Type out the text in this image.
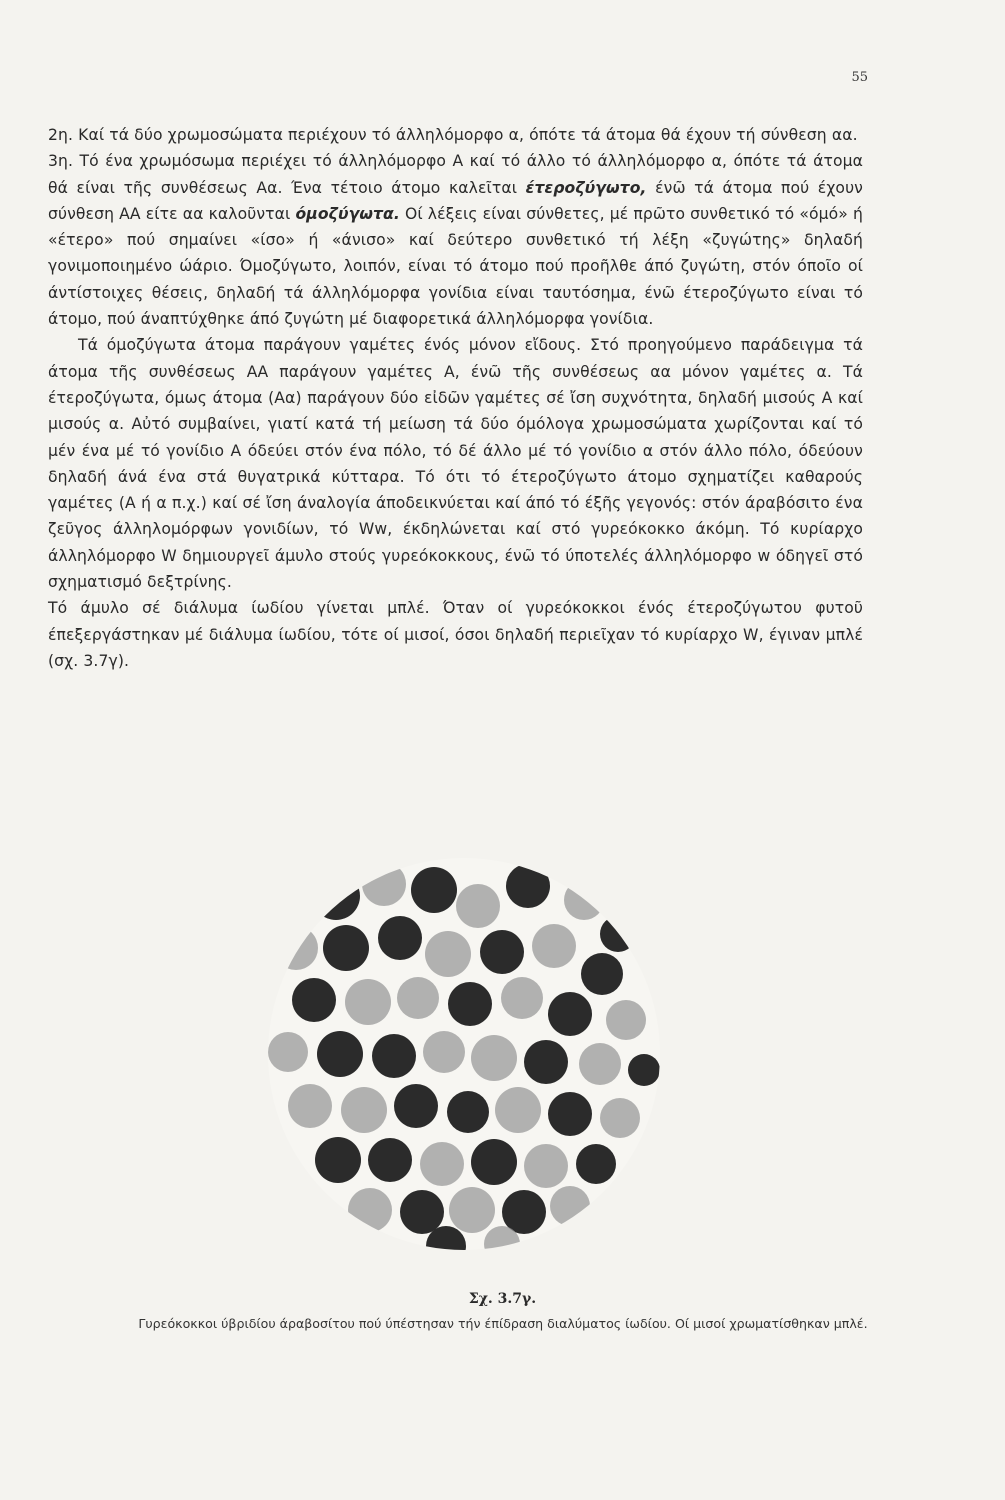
55

2η. Καί τά δύο χρωμοσώματα περιέχουν τό άλληλόμορφο α, όπότε τά άτομα θά έχουν τή σύνθεση αα.

3η. Τό ένα χρωμόσωμα περιέχει τό άλληλόμορφο Α καί τό άλλο τό άλληλόμορφο α, όπότε τά άτομα θά είναι τῆς συνθέσεως Αα. Ένα τέτοιο άτομο καλεῖται έτεροζύγωτο, ένῶ τά άτομα πού έχουν σύνθεση ΑΑ είτε αα καλοῦνται όμοζύγωτα. Οί λέξεις είναι σύνθετες, μέ πρῶτο συνθετικό τό «όμό» ή «έτερο» πού σημαίνει «ίσο» ή «άνισο» καί δεύτερο συνθετικό τή λέξη «ζυγώτης» δηλαδή γονιμοποιημένο ώάριο. Όμοζύγωτο, λοιπόν, είναι τό άτομο πού προῆλθε άπό ζυγώτη, στόν όποῖο οί άντίστοιχες θέσεις, δηλαδή τά άλληλόμορφα γονίδια είναι ταυτόσημα, ένῶ έτεροζύγωτο είναι τό άτομο, πού άναπτύχθηκε άπό ζυγώτη μέ διαφορετικά άλληλόμορφα γονίδια.

Τά όμοζύγωτα άτομα παράγουν γαμέτες ένός μόνον εἴδους. Στό προηγούμενο παράδειγμα τά άτομα τῆς συνθέσεως ΑΑ παράγουν γαμέτες Α, ένῶ τῆς συνθέσεως αα μόνον γαμέτες α. Τά έτεροζύγωτα, όμως άτομα (Αα) παράγουν δύο εἰδῶν γαμέτες σέ ἴση συχνότητα, δηλαδή μισούς Α καί μισούς α. Αὐτό συμβαίνει, γιατί κατά τή μείωση τά δύο όμόλογα χρωμοσώματα χωρίζονται καί τό μέν ένα μέ τό γονίδιο Α όδεύει στόν ένα πόλο, τό δέ άλλο μέ τό γονίδιο α στόν άλλο πόλο, όδεύουν δηλαδή άνά ένα στά θυγατρικά κύτταρα. Τό ότι τό έτεροζύγωτο άτομο σχηματίζει καθαρούς γαμέτες (Α ή α π.χ.) καί σέ ἴση άναλογία άποδεικνύεται καί άπό τό έξῆς γεγονός: στόν άραβόσιτο ένα ζεῦγος άλληλομόρφων γονιδίων, τό Ww, έκδηλώνεται καί στό γυρεόκοκκο άκόμη. Τό κυρίαρχο άλληλόμορφο W δημιουργεῖ άμυλο στούς γυρεόκοκκους, ένῶ τό ύποτελές άλληλόμορφο w όδηγεῖ στό σχηματισμό δεξτρίνης.

Τό άμυλο σέ διάλυμα ίωδίου γίνεται μπλέ. Όταν οί γυρεόκοκκοι ένός έτεροζύγωτου φυτοῦ έπεξεργάστηκαν μέ διάλυμα ίωδίου, τότε οί μισοί, όσοι δηλαδή περιεῖχαν τό κυρίαρχο W, έγιναν μπλέ (σχ. 3.7γ).

Σχ. 3.7γ.
Γυρεόκοκκοι ύβριδίου άραβοσίτου πού ύπέστησαν τήν έπίδραση διαλύματος ίωδίου. Οί μισοί χρωματίσθηκαν μπλέ.
